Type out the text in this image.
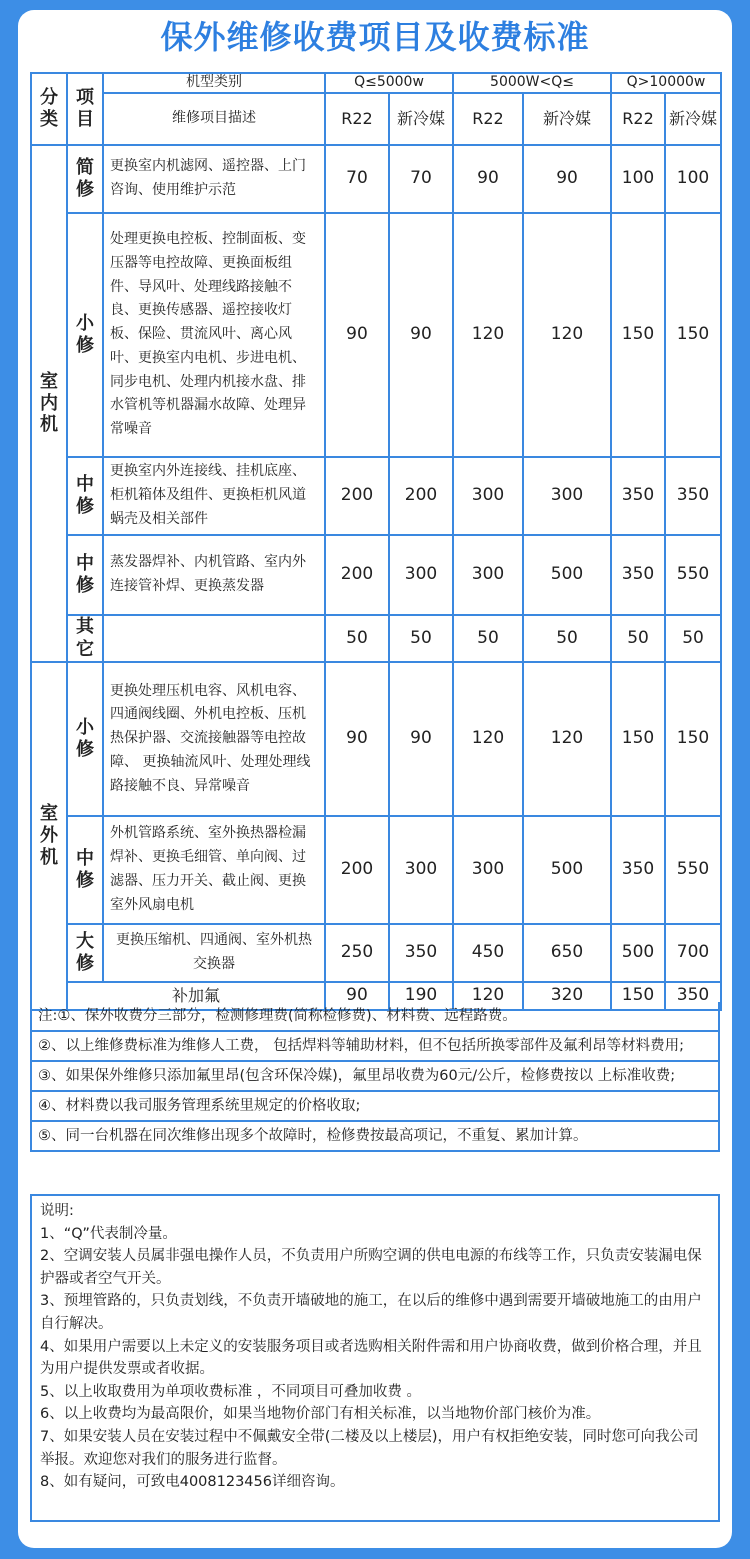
保外维修收费项目及收费标准
分类	项目	机型类别	Q≤5000w		5000W<Q≤		Q>10000w	
		维修项目描述	R22	新冷媒	R22	新冷媒	R22	新冷媒
室内机	简修	更换室内机滤网、遥控器、上门咨询、使用维护示范	70	70	90	90	100	100
	小修	处理更换电控板、控制面板、变压器等电控故障、更换面板组件、导风叶、处理线路接触不良、更换传感器、遥控接收灯板、保险、贯流风叶、离心风叶、更换室内电机、步进电机、同步电机、处理内机接水盘、排水管机等机器漏水故障、处理异常噪音	90	90	120	120	150	150
	中修	更换室内外连接线、挂机底座、柜机箱体及组件、更换柜机风道蜗壳及相关部件	200	200	300	300	350	350
	中修	蒸发器焊补、内机管路、室内外连接管补焊、更换蒸发器	200	300	300	500	350	550
	其它		50	50	50	50	50	50
室外机	小修	更换处理压机电容、风机电容、四通阀线圈、外机电控板、压机热保护器、交流接触器等电控故障、 更换轴流风叶、处理处理线路接触不良、异常噪音	90	90	120	120	150	150
	中修	外机管路系统、室外换热器检漏焊补、更换毛细管、单向阀、过滤器、压力开关、截止阀、更换室外风扇电机	200	300	300	500	350	550
	大修	更换压缩机、四通阀、室外机热交换器	250	350	450	650	500	700
	补加氟		90	190	120	320	150	350
注:①、保外收费分三部分，检测修理费(简称检修费)、材料费、远程路费。
②、以上维修费标准为维修人工费， 包括焊料等辅助材料，但不包括所换零部件及氟利昂等材料费用;
③、如果保外维修只添加氟里昂(包含环保冷媒)，氟里昂收费为60元/公斤，检修费按以 上标准收费;
④、材料费以我司服务管理系统里规定的价格收取;
⑤、同一台机器在同次维修出现多个故障时，检修费按最高项记，不重复、累加计算。

说明:

1、“Q”代表制冷量。

2、空调安装人员属非强电操作人员，不负责用户所购空调的供电电源的布线等工作，只负责安装漏电保护器或者空气开关。

3、预埋管路的，只负责划线，不负责开墙破地的施工，在以后的维修中遇到需要开墙破地施工的由用户自行解决。

4、如果用户需要以上未定义的安装服务项目或者选购相关附件需和用户协商收费，做到价格合理，并且为用户提供发票或者收据。

5、以上收取费用为单项收费标准 ，不同项目可叠加收费 。

6、以上收费均为最高限价，如果当地物价部门有相关标准，以当地物价部门核价为准。

7、如果安装人员在安装过程中不佩戴安全带(二楼及以上楼层)，用户有权拒绝安装，同时您可向我公司举报。欢迎您对我们的服务进行监督。

8、如有疑问，可致电4008123456详细咨询。
